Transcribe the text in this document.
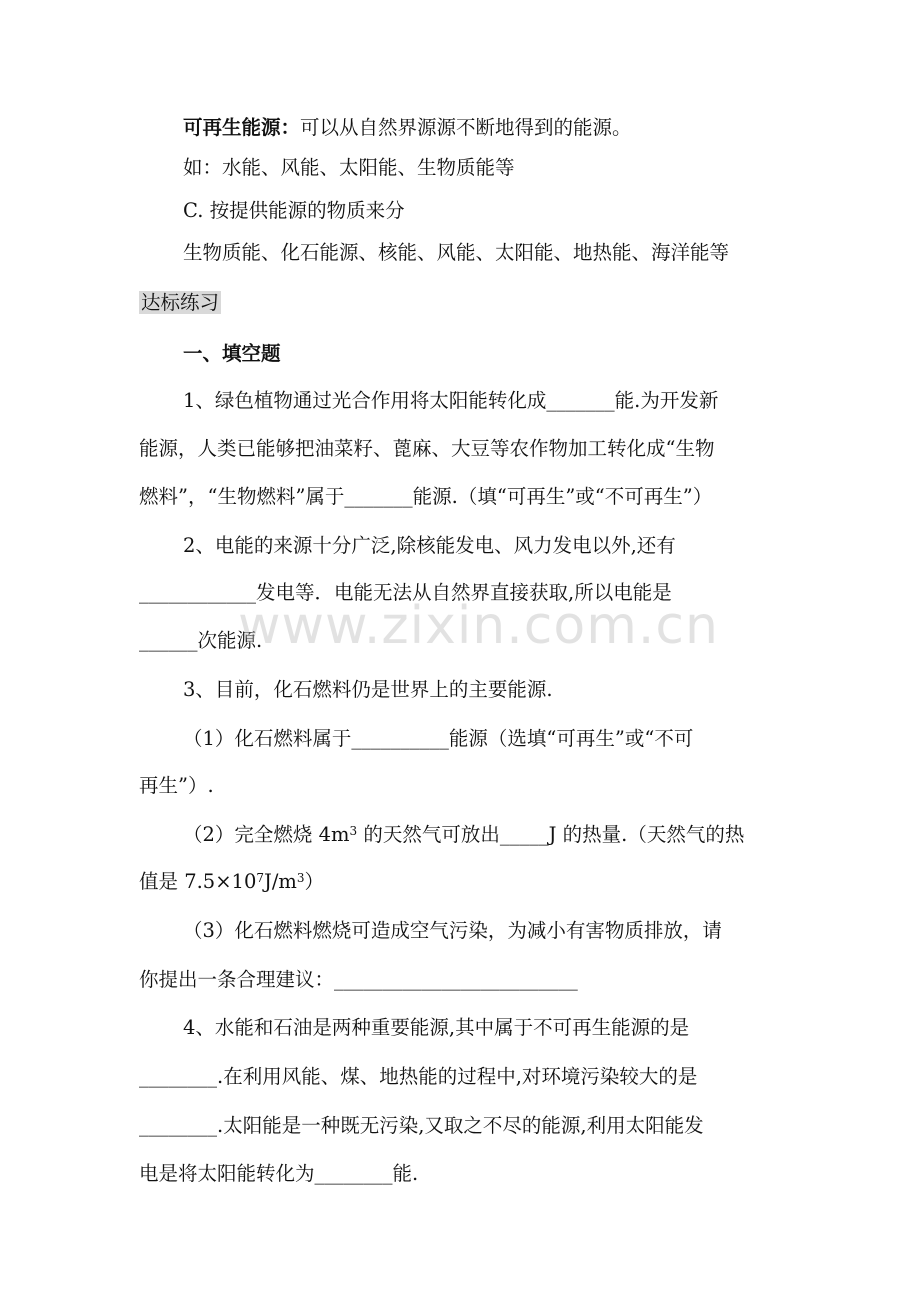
可再生能源：可以从自然界源源不断地得到的能源。
如：水能、风能、太阳能、生物质能等
C. 按提供能源的物质来分
生物质能、化石能源、核能、风能、太阳能、地热能、海洋能等
达标练习
一、填空题
1、绿色植物通过光合作用将太阳能转化成_______能.为开发新
能源，人类已能够把油菜籽、蓖麻、大豆等农作物加工转化成“生物
燃料”，“生物燃料”属于_______能源.（填“可再生”或“不可再生”）
2、电能的来源十分广泛,除核能发电、风力发电以外,还有
____________发电等．电能无法从自然界直接获取,所以电能是
______次能源.
3、目前，化石燃料仍是世界上的主要能源.
（1）化石燃料属于__________能源（选填“可再生”或“不可
再生”）.
（2）完全燃烧 $4m^3$ 的天然气可放出_____J 的热量.（天然气的热
值是 $7.5\times 10^7J/m^3$）
（3）化石燃料燃烧可造成空气污染，为减小有害物质排放，请
你提出一条合理建议：_________________________
4、水能和石油是两种重要能源,其中属于不可再生能源的是
________.在利用风能、煤、地热能的过程中,对环境污染较大的是
________.太阳能是一种既无污染,又取之不尽的能源,利用太阳能发
电是将太阳能转化为________能.
www.zixin.com.cn
